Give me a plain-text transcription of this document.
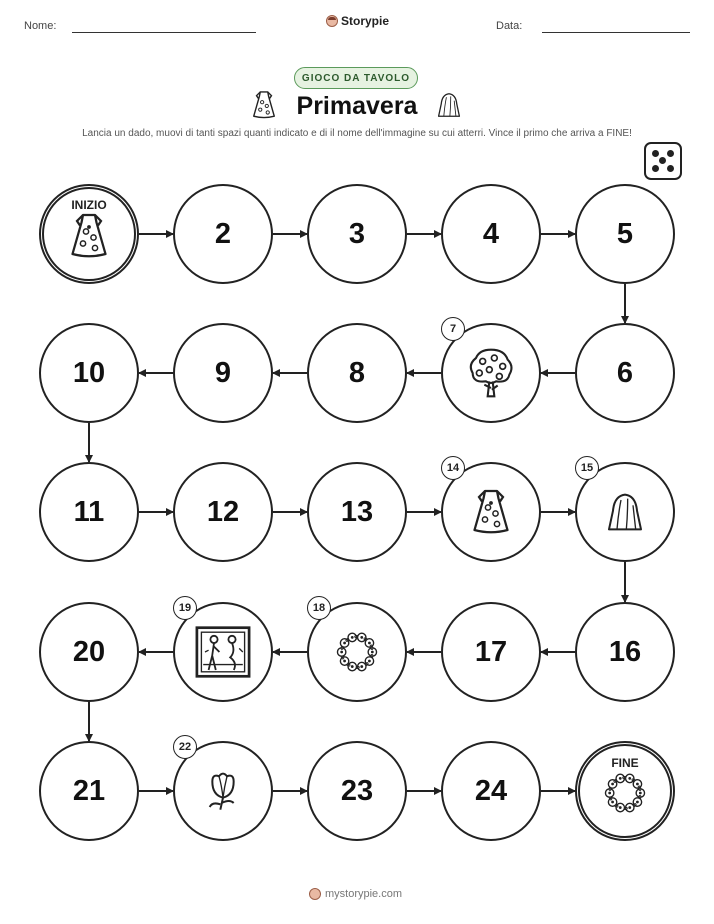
Nome:	Storypie	Data:
GIOCO DA TAVOLO
Primavera
Lancia un dado, muovi di tanti spazi quanti indicato e di il nome dell'immagine su cui atterri. Vince il primo che arriva a FINE!
INIZIO
2	3	4	5
6
7
8
9
10
11	12	13
14	15
16
17
18
19
20
21
22
23	24
FINE
mystorypie.com
